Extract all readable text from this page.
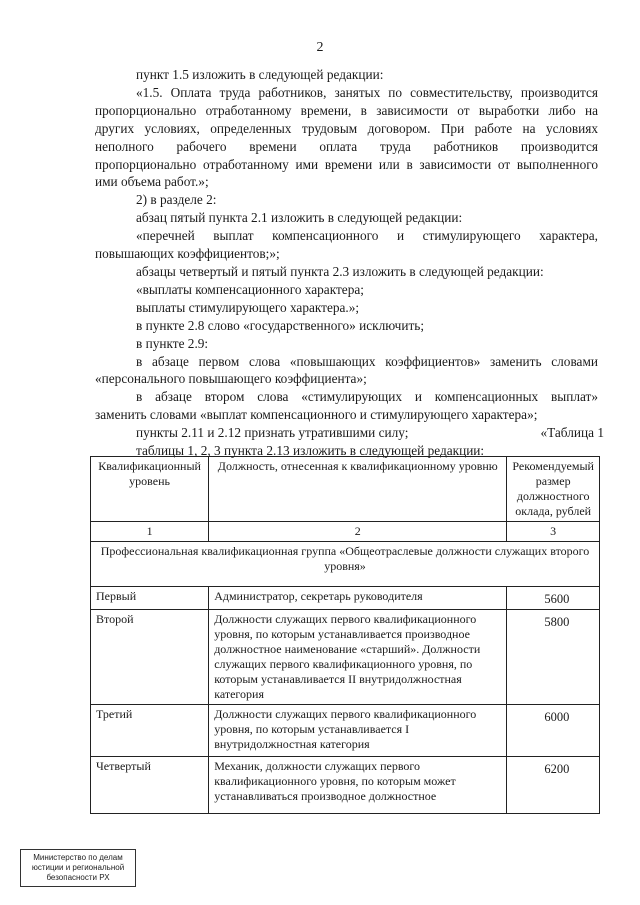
2

пункт 1.5 изложить в следующей редакции:

«1.5. Оплата труда работников, занятых по совместительству, производится

пропорционально отработанному времени, в зависимости от выработки либо на

других условиях, определенных трудовым договором. При работе на условиях

неполного рабочего времени оплата труда работников производится

пропорционально отработанному ими времени или в зависимости от выполненного

ими объема работ.»;

2) в разделе 2:

абзац пятый пункта 2.1 изложить в следующей редакции:

«перечней выплат компенсационного и стимулирующего характера,

повышающих коэффициентов;»;

абзацы четвертый и пятый пункта 2.3 изложить в следующей редакции:

«выплаты компенсационного характера;

выплаты стимулирующего характера.»;

в пункте 2.8 слово «государственного» исключить;

в пункте 2.9:

в абзаце первом слова «повышающих коэффициентов» заменить словами

«персонального повышающего коэффициента»;

в абзаце втором слова «стимулирующих и компенсационных выплат»

заменить словами «выплат компенсационного и стимулирующего характера»;

пункты 2.11 и 2.12 признать утратившими силу;

таблицы 1, 2, 3 пункта 2.13 изложить в следующей редакции:

«Таблица 1
Квалификационный уровень	Должность, отнесенная к квалификационному уровню	Рекомендуемый размер должностного оклада, рублей
1	2	3
Профессиональная квалификационная группа «Общеотраслевые должности служащих второго уровня»		
Первый	Администратор, секретарь руководителя	5600
Второй	Должности служащих первого квалификационного уровня, по которым устанавливается производное должностное наименование «старший». Должности служащих первого квалификационного уровня, по которым устанавливается II внутридолжностная категория	5800
Третий	Должности служащих первого квалификационного уровня, по которым устанавливается I внутридолжностная категория	6000
Четвертый	Механик, должности служащих первого квалификационного уровня, по которым может устанавливаться производное должностное	6200
Министерство по делам
юстиции и региональной
безопасности РХ
